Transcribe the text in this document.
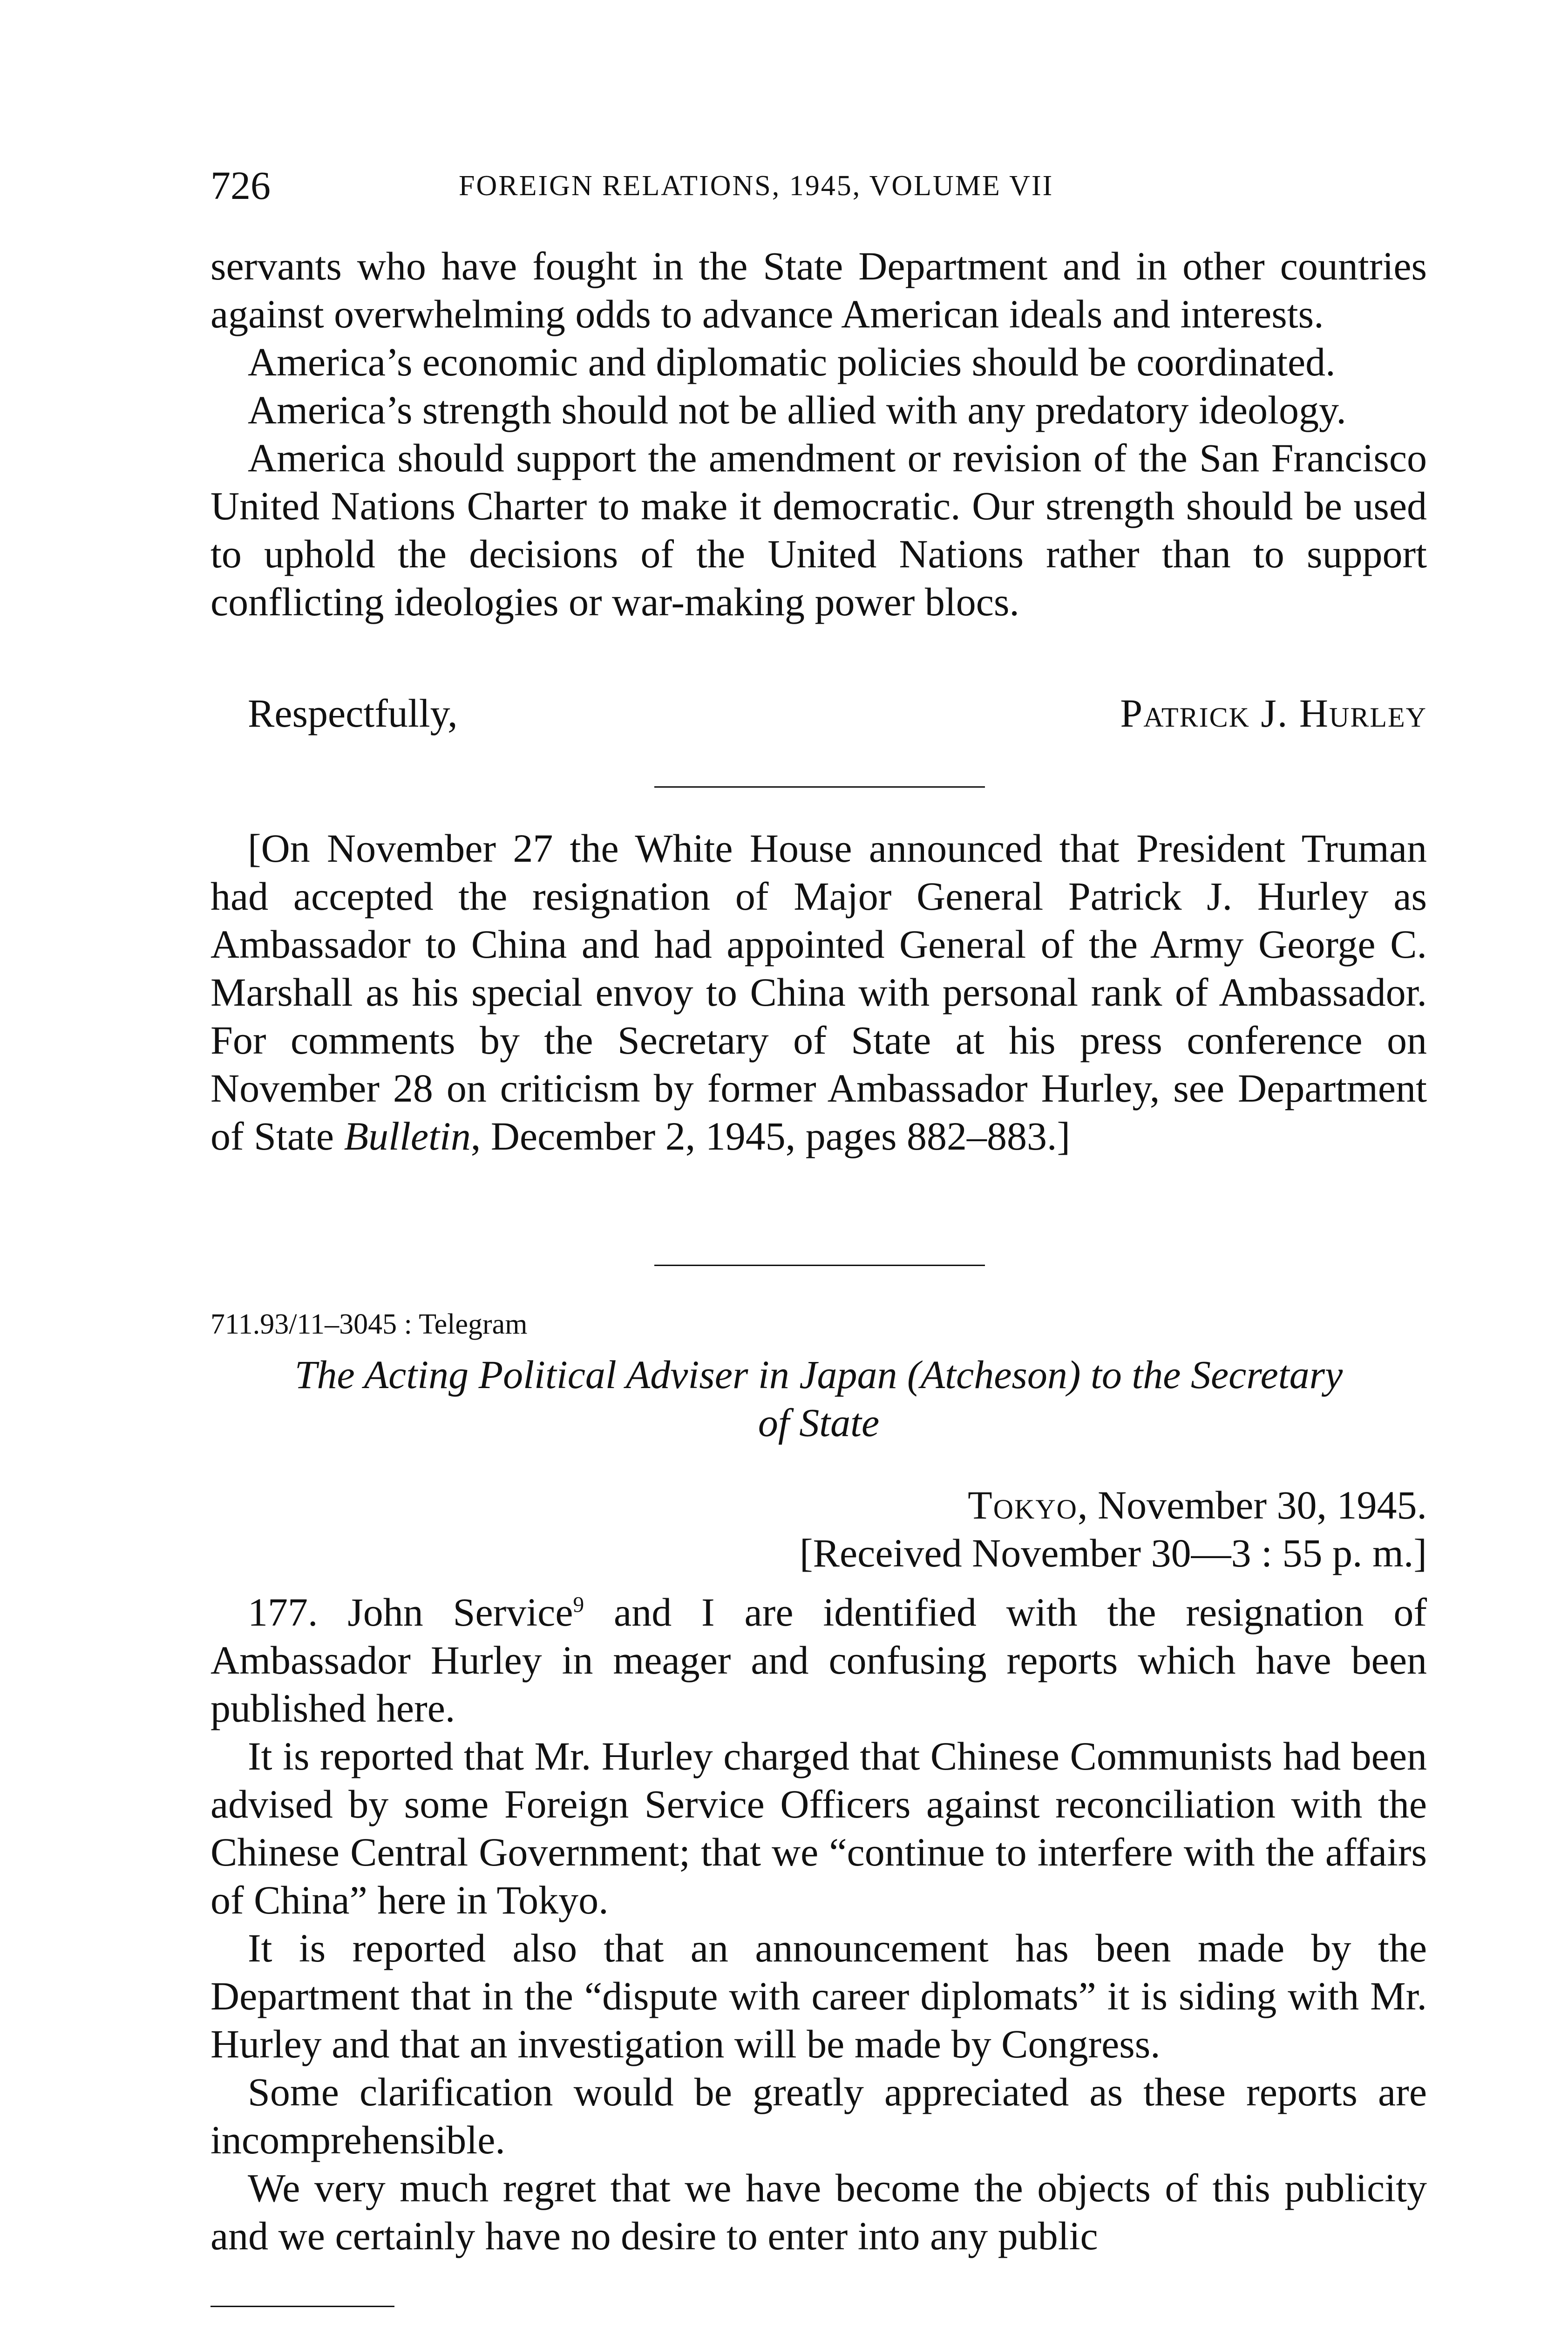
726	FOREIGN RELATIONS, 1945, VOLUME VII

servants who have fought in the State Department and in other countries against overwhelming odds to advance American ideals and interests.

America’s economic and diplomatic policies should be coordinated.

America’s strength should not be allied with any predatory ideology.

America should support the amendment or revision of the San Francisco United Nations Charter to make it democratic. Our strength should be used to uphold the decisions of the United Nations rather than to support conflicting ideologies or war-making power blocs.

Respectfully,	Patrick J. Hurley

[On November 27 the White House announced that President Truman had accepted the resignation of Major General Patrick J. Hurley as Ambassador to China and had appointed General of the Army George C. Marshall as his special envoy to China with personal rank of Ambassador. For comments by the Secretary of State at his press conference on November 28 on criticism by former Ambassador Hurley, see Department of State Bulletin, December 2, 1945, pages 882–883.]

711.93/11–3045 : Telegram
The Acting Political Adviser in Japan (Atcheson) to the Secretary
of State
Tokyo, November 30, 1945.
[Received November 30—3 : 55 p. m.]

177. John Service$^9$ and I are identified with the resignation of Ambassador Hurley in meager and confusing reports which have been published here.

It is reported that Mr. Hurley charged that Chinese Communists had been advised by some Foreign Service Officers against reconciliation with the Chinese Central Government; that we “continue to interfere with the affairs of China” here in Tokyo.

It is reported also that an announcement has been made by the Department that in the “dispute with career diplomats” it is siding with Mr. Hurley and that an investigation will be made by Congress.

Some clarification would be greatly appreciated as these reports are incomprehensible.

We very much regret that we have become the objects of this publicity and we certainly have no desire to enter into any public
